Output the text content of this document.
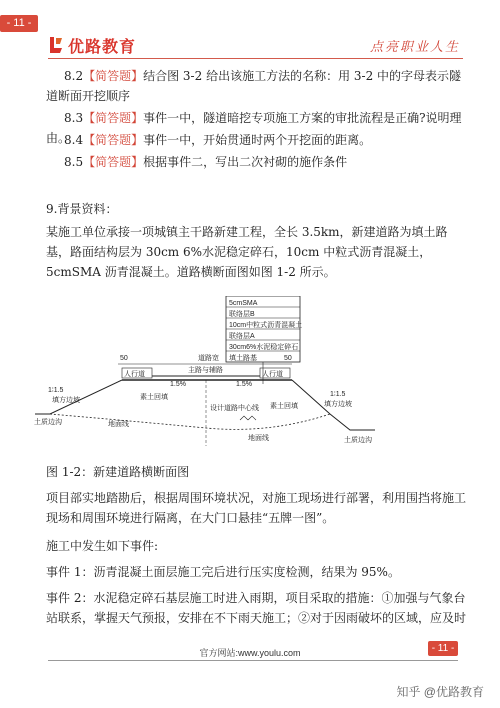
- 11 -
优路教育	点亮职业人生
8.2【简答题】结合图 3-2 给出该施工方法的名称：用 3-2 中的字母表示隧道断面开挖顺序
8.3【简答题】事件一中，隧道暗挖专项施工方案的审批流程是正确?说明理由。
8.4【简答题】事件一中，开始贯通时两个开挖面的距离。
8.5【简答题】根据事件二，写出二次衬砌的施作条件
9.背景资料：
某施工单位承接一项城镇主干路新建工程，全长 3.5km，新建道路为填土路基，路面结构层为 30cm 6%水泥稳定碎石，10cm 中粒式沥青混凝土，5cmSMA 沥青混凝土。道路横断面图如图 1-2 所示。
5cmSMA
联络层B
10cm中粒式沥青混凝土
联络层A
30cm6%水泥稳定碎石
填土路基
道路宽
50	50
人行道	人行道
主路与辅路
1.5%	1.5%
1∶1.5
填方边坡
1∶1.5
填方边坡
素土回填
素土回填
设计道路中心线
地面线
地面线
土质边沟
土质边沟
图 1-2：新建道路横断面图
项目部实地踏勘后，根据周围环境状况，对施工现场进行部署，利用围挡将施工现场和周围环境进行隔离，在大门口悬挂“五牌一图”。
施工中发生如下事件:
事件 1：沥青混凝土面层施工完后进行压实度检测，结果为 95%。
事件 2：水泥稳定碎石基层施工时进入雨期，项目采取的措施：①加强与气象台站联系，掌握天气预报，安排在不下雨天施工；②对于因雨破坏的区域，应及时
官方网站:www.youlu.com	- 11 -
知乎 @优路教育
